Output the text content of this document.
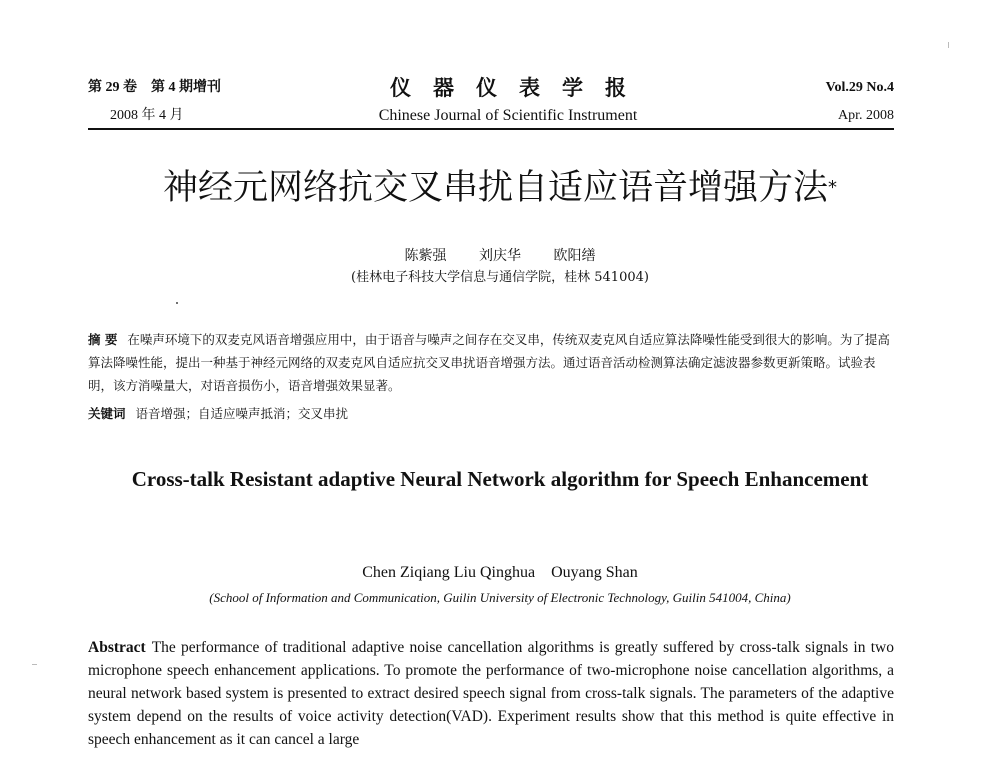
第 29 卷　第 4 期增刊
2008 年 4 月
仪器仪表学报
Chinese Journal of Scientific Instrument
Vol.29 No.4
Apr. 2008
神经元网络抗交叉串扰自适应语音增强方法*
陈紫强 刘庆华 欧阳缮
(桂林电子科技大学信息与通信学院，桂林 541004)
摘 要 在噪声环境下的双麦克风语音增强应用中，由于语音与噪声之间存在交叉串，传统双麦克风自适应算法降噪性能受到很大的影响。为了提高算法降噪性能，提出一种基于神经元网络的双麦克风自适应抗交叉串扰语音增强方法。通过语音活动检测算法确定滤波器参数更新策略。试验表明，该方消噪量大，对语音损伤小，语音增强效果显著。
关键词 语音增强；自适应噪声抵消；交叉串扰
Cross-talk Resistant adaptive Neural Network algorithm for Speech Enhancement
Chen Ziqiang Liu Qinghua　Ouyang Shan
(School of Information and Communication, Guilin University of Electronic Technology, Guilin 541004, China)
Abstract The performance of traditional adaptive noise cancellation algorithms is greatly suffered by cross-talk signals in two microphone speech enhancement applications. To promote the performance of two-microphone noise cancellation algorithms, a neural network based system is presented to extract desired speech signal from cross-talk signals. The parameters of the adaptive system depend on the results of voice activity detection(VAD). Experiment results show that this method is quite effective in speech enhancement as it can cancel a large
